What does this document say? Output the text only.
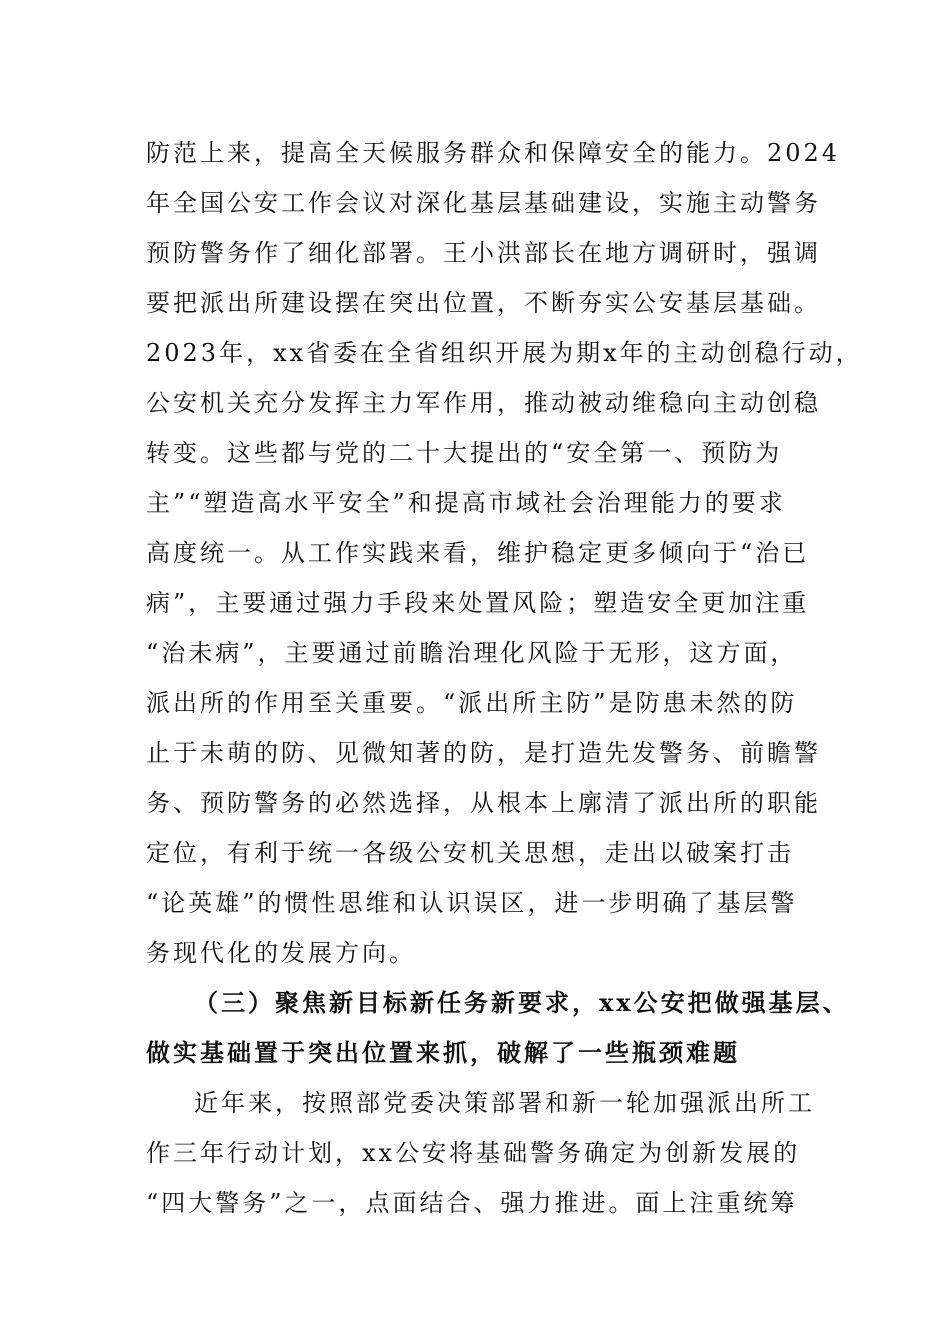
防范上来，提高全天候服务群众和保障安全的能力。2024
年全国公安工作会议对深化基层基础建设，实施主动警务
预防警务作了细化部署。王小洪部长在地方调研时，强调
要把派出所建设摆在突出位置，不断夯实公安基层基础。
2023年，xx省委在全省组织开展为期x年的主动创稳行动，
公安机关充分发挥主力军作用，推动被动维稳向主动创稳
转变。这些都与党的二十大提出的“安全第一、预防为
主”“塑造高水平安全”和提高市域社会治理能力的要求
高度统一。从工作实践来看，维护稳定更多倾向于“治已
病”，主要通过强力手段来处置风险；塑造安全更加注重
“治未病”，主要通过前瞻治理化风险于无形，这方面，
派出所的作用至关重要。“派出所主防”是防患未然的防
止于未萌的防、见微知著的防，是打造先发警务、前瞻警
务、预防警务的必然选择，从根本上廓清了派出所的职能
定位，有利于统一各级公安机关思想，走出以破案打击
“论英雄”的惯性思维和认识误区，进一步明确了基层警
务现代化的发展方向。
（三）聚焦新目标新任务新要求，xx公安把做强基层、
做实基础置于突出位置来抓，破解了一些瓶颈难题
近年来，按照部党委决策部署和新一轮加强派出所工
作三年行动计划，xx公安将基础警务确定为创新发展的
“四大警务”之一，点面结合、强力推进。面上注重统筹
